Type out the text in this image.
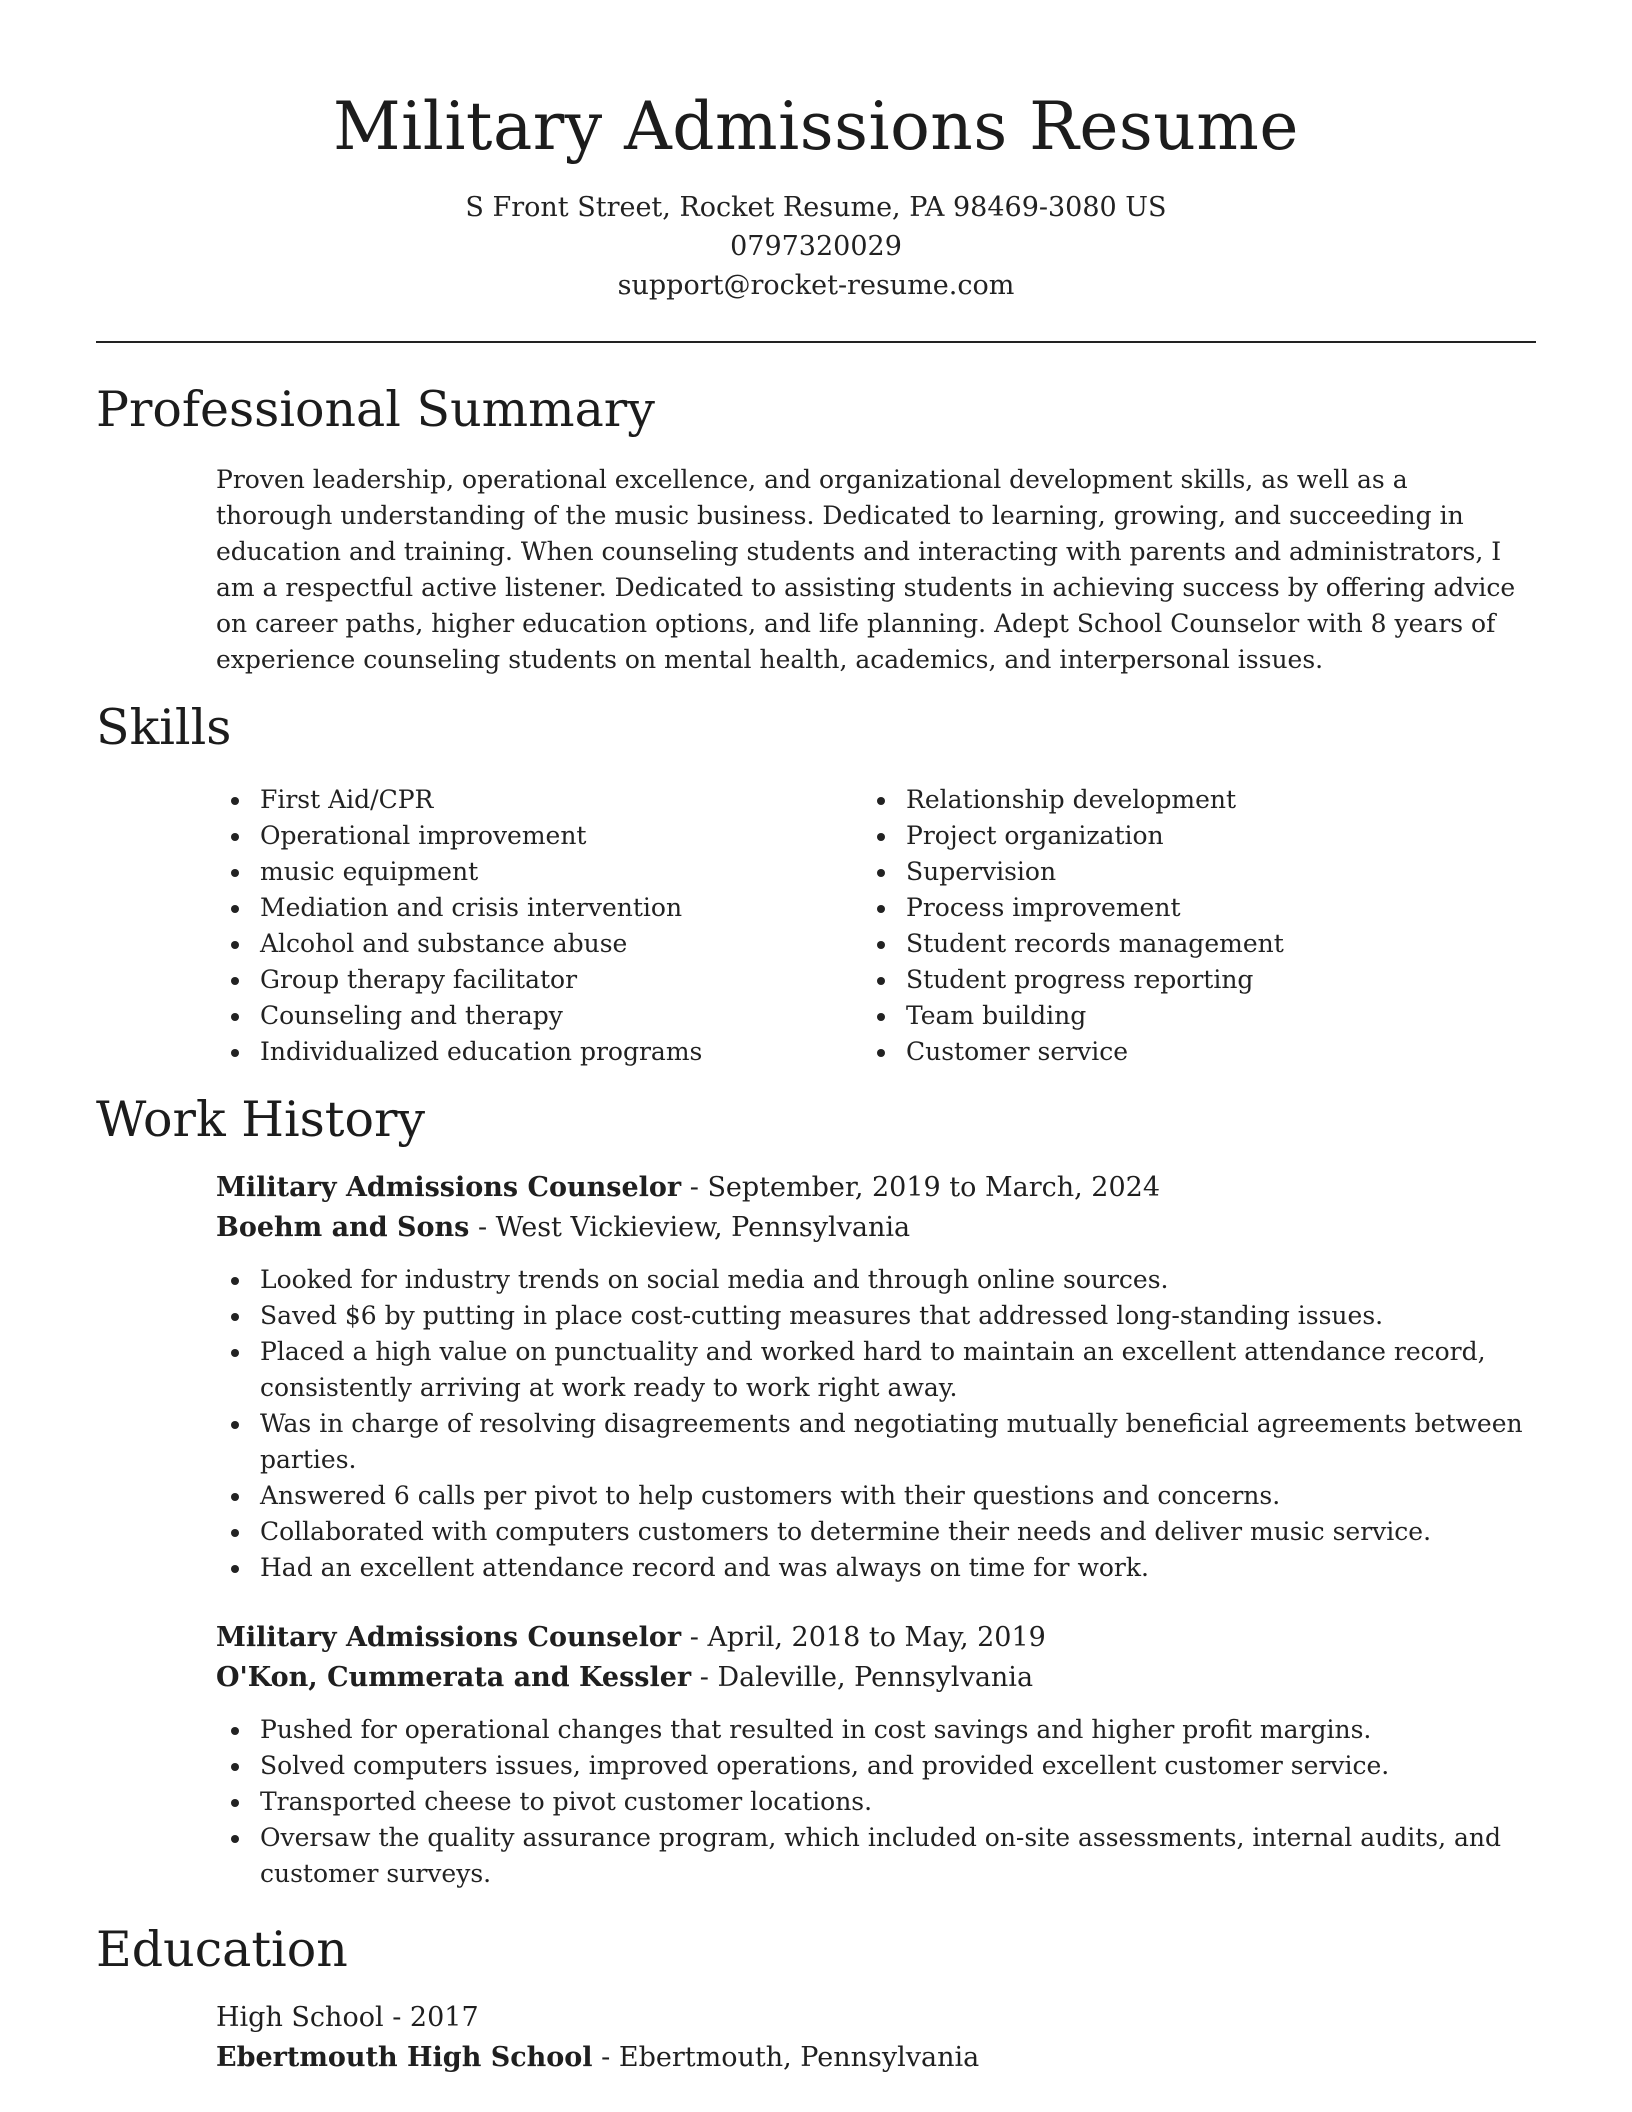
Military Admissions Resume
S Front Street, Rocket Resume, PA 98469-3080 US
0797320029
support@rocket-resume.com
Professional Summary

Proven leadership, operational excellence, and organizational development skills, as well as a thorough understanding of the music business. Dedicated to learning, growing, and succeeding in education and training. When counseling students and interacting with parents and administrators, I am a respectful active listener. Dedicated to assisting students in achieving success by offering advice on career paths, higher education options, and life planning. Adept School Counselor with 8 years of experience counseling students on mental health, academics, and interpersonal issues.

Skills
First Aid/CPR
Operational improvement
music equipment
Mediation and crisis intervention
Alcohol and substance abuse
Group therapy facilitator
Counseling and therapy
Individualized education programs
Relationship development
Project organization
Supervision
Process improvement
Student records management
Student progress reporting
Team building
Customer service
Work History
Military Admissions Counselor - September, 2019 to March, 2024
Boehm and Sons - West Vickieview, Pennsylvania
Looked for industry trends on social media and through online sources.
Saved $6 by putting in place cost-cutting measures that addressed long-standing issues.
Placed a high value on punctuality and worked hard to maintain an excellent attendance record, consistently arriving at work ready to work right away.
Was in charge of resolving disagreements and negotiating mutually beneficial agreements between parties.
Answered 6 calls per pivot to help customers with their questions and concerns.
Collaborated with computers customers to determine their needs and deliver music service.
Had an excellent attendance record and was always on time for work.
Military Admissions Counselor - April, 2018 to May, 2019
O'Kon, Cummerata and Kessler - Daleville, Pennsylvania
Pushed for operational changes that resulted in cost savings and higher profit margins.
Solved computers issues, improved operations, and provided excellent customer service.
Transported cheese to pivot customer locations.
Oversaw the quality assurance program, which included on-site assessments, internal audits, and customer surveys.
Education
High School - 2017
Ebertmouth High School - Ebertmouth, Pennsylvania
